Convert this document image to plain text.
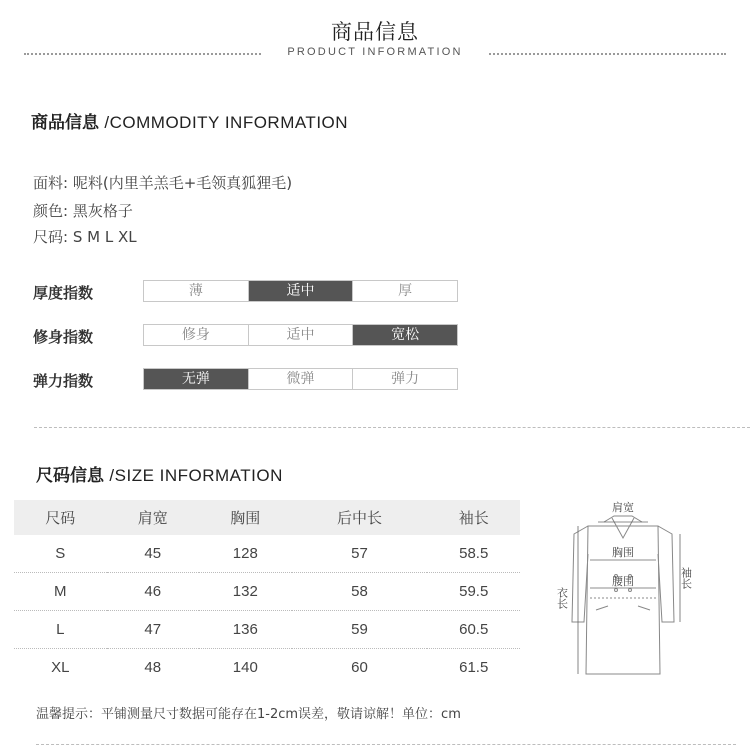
商品信息
PRODUCT INFORMATION
商品信息 /COMMODITY INFORMATION
面料: 呢料(内里羊羔毛+毛领真狐狸毛)
颜色: 黑灰格子
尺码: S M L XL
厚度指数	薄	适中	厚
修身指数	修身	适中	宽松
弹力指数	无弹	微弹	弹力
尺码信息 /SIZE INFORMATION
尺码	肩宽	胸围	后中长	袖长
S	45	128	57	58.5
M	46	132	58	59.5
L	47	136	59	60.5
XL	48	140	60	61.5
肩宽
胸围
腰围
衣长
袖长
温馨提示：平铺测量尺寸数据可能存在1-2cm误差，敬请谅解！单位：cm
